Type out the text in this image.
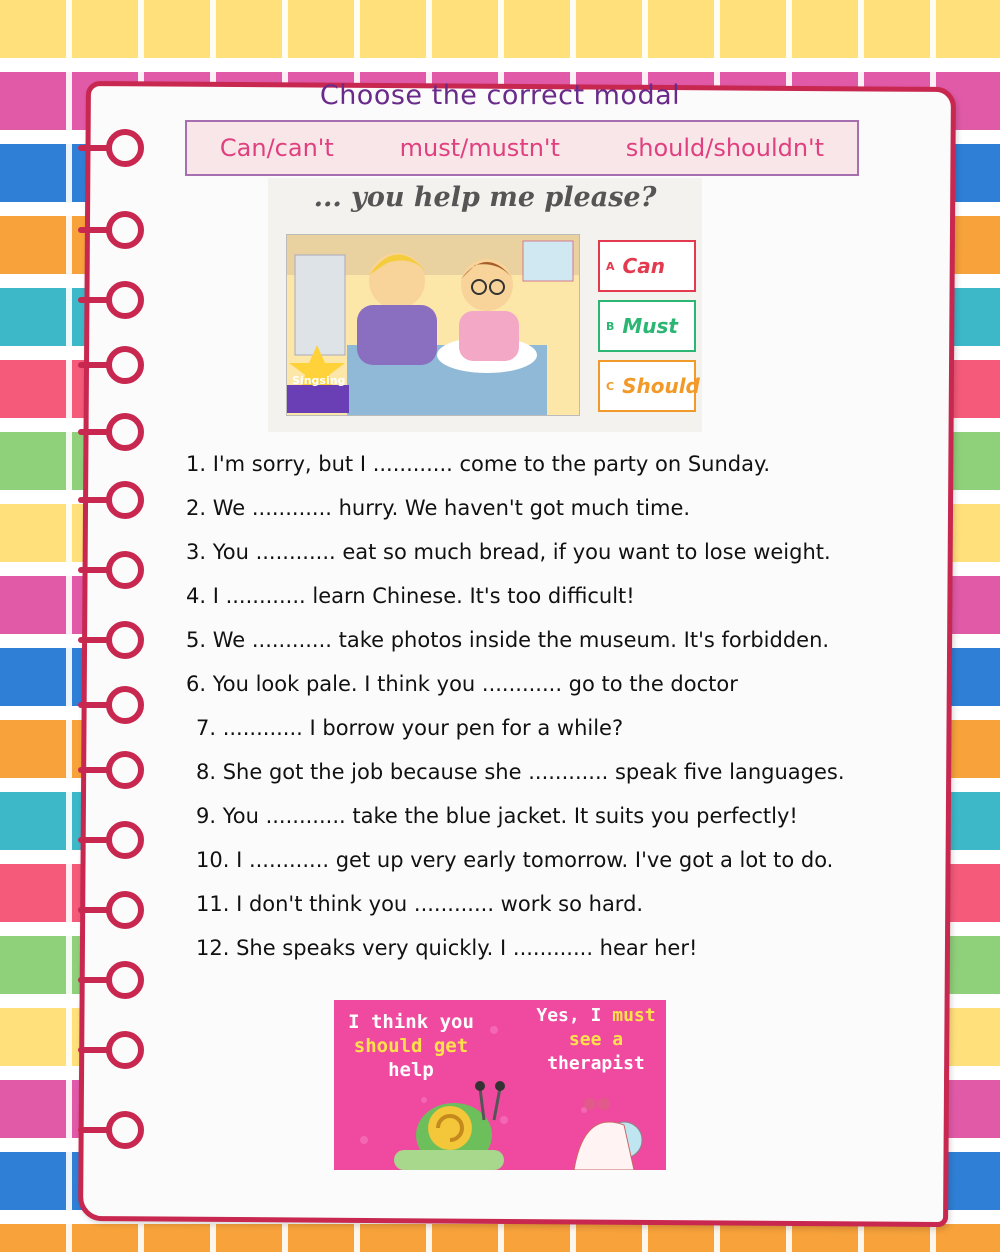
Choose the correct modal
Can/can't	must/mustn't	should/shouldn't
... you help me please?
A Can
B Must
C Should
Singsing
1. I'm sorry, but I ............ come to the party on Sunday.
2. We ............ hurry. We haven't got much time.
3. You ............ eat so much bread, if you want to lose weight.
4. I ............ learn Chinese. It's too difficult!
5. We ............ take photos inside the museum. It's forbidden.
6. You look pale. I think you ............ go to the doctor
7. ............ I borrow your pen for a while?
8. She got the job because she ............ speak five languages.
9. You ............ take the blue jacket. It suits you perfectly!
10. I ............ get up very early tomorrow. I've got a lot to do.
11. I don't think you ............ work so hard.
12. She speaks very quickly. I ............ hear her!
I think you
should get
help
Yes, I must
see a
therapist
